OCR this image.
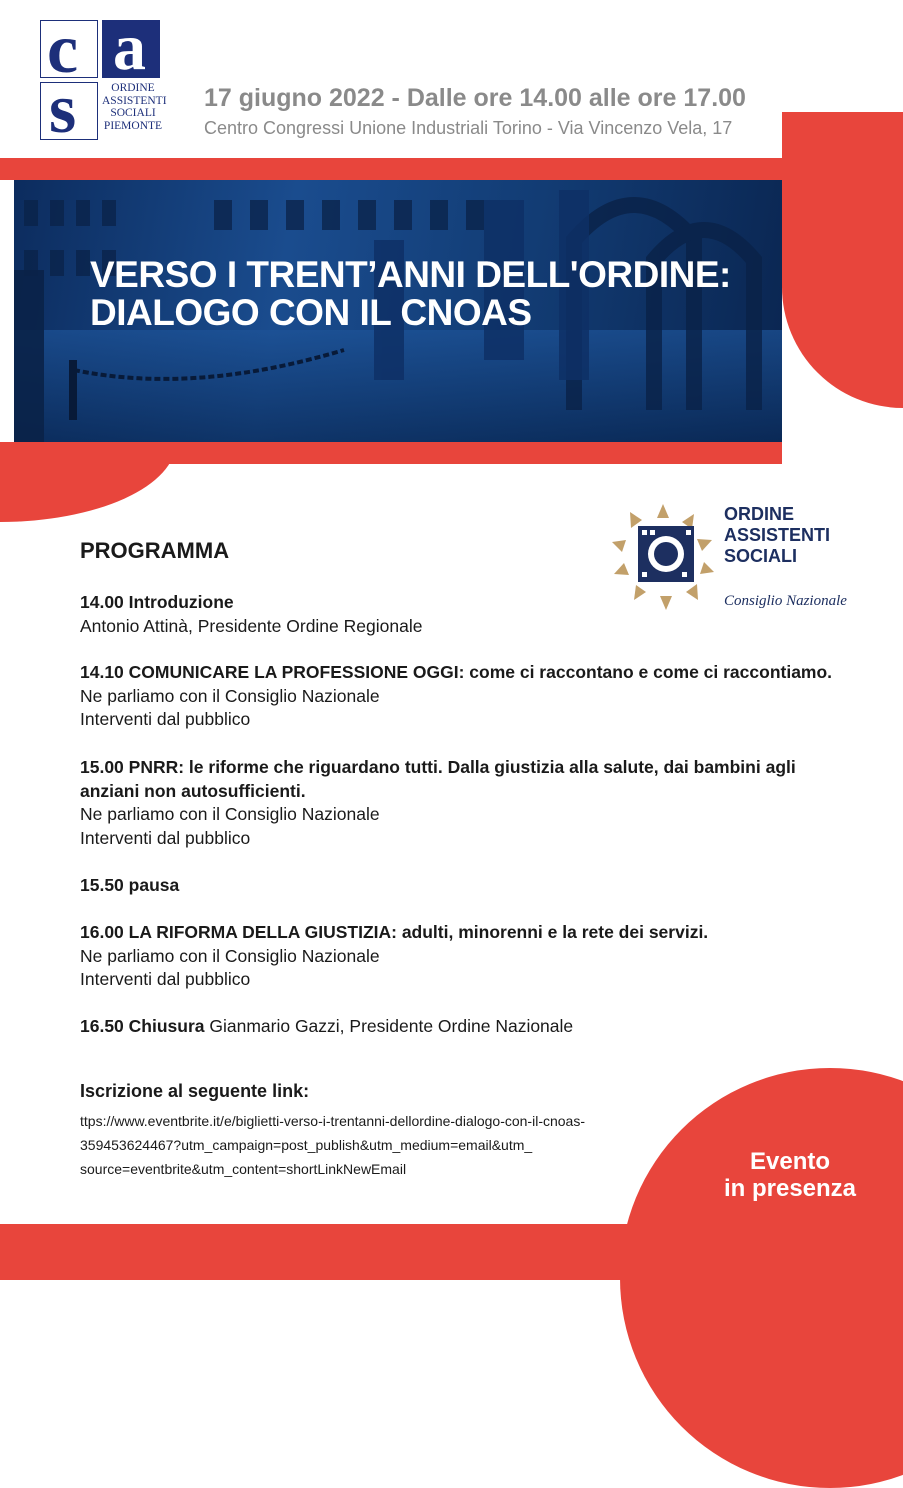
c a
s	ORDINE
ASSISTENTI
SOCIALI
PIEMONTE
17 giugno 2022 - Dalle ore 14.00 alle ore 17.00
Centro Congressi Unione Industriali Torino - Via Vincenzo Vela, 17
VERSO I TRENT’ANNI DELL'ORDINE:
DIALOGO CON IL CNOAS
ORDINE
ASSISTENTI
SOCIALI
Consiglio Nazionale
PROGRAMMA
14.00 Introduzione
Antonio Attinà, Presidente Ordine Regionale
14.10 COMUNICARE LA PROFESSIONE OGGI: come ci raccontano e come ci raccontiamo.
Ne parliamo con il Consiglio Nazionale
Interventi dal pubblico
15.00 PNRR: le riforme che riguardano tutti. Dalla giustizia alla salute, dai bambini agli anziani non autosufficienti.
Ne parliamo con il Consiglio Nazionale
Interventi dal pubblico
15.50 pausa
16.00 LA RIFORMA DELLA GIUSTIZIA: adulti, minorenni e la rete dei servizi.
Ne parliamo con il Consiglio Nazionale
Interventi dal pubblico
16.50 Chiusura Gianmario Gazzi, Presidente Ordine Nazionale
Iscrizione al seguente link:
ttps://www.eventbrite.it/e/biglietti-verso-i-trentanni-dellordine-dialogo-con-il-cnoas-
359453624467?utm_campaign=post_publish&utm_medium=email&utm_
source=eventbrite&utm_content=shortLinkNewEmail	Evento
in presenza
